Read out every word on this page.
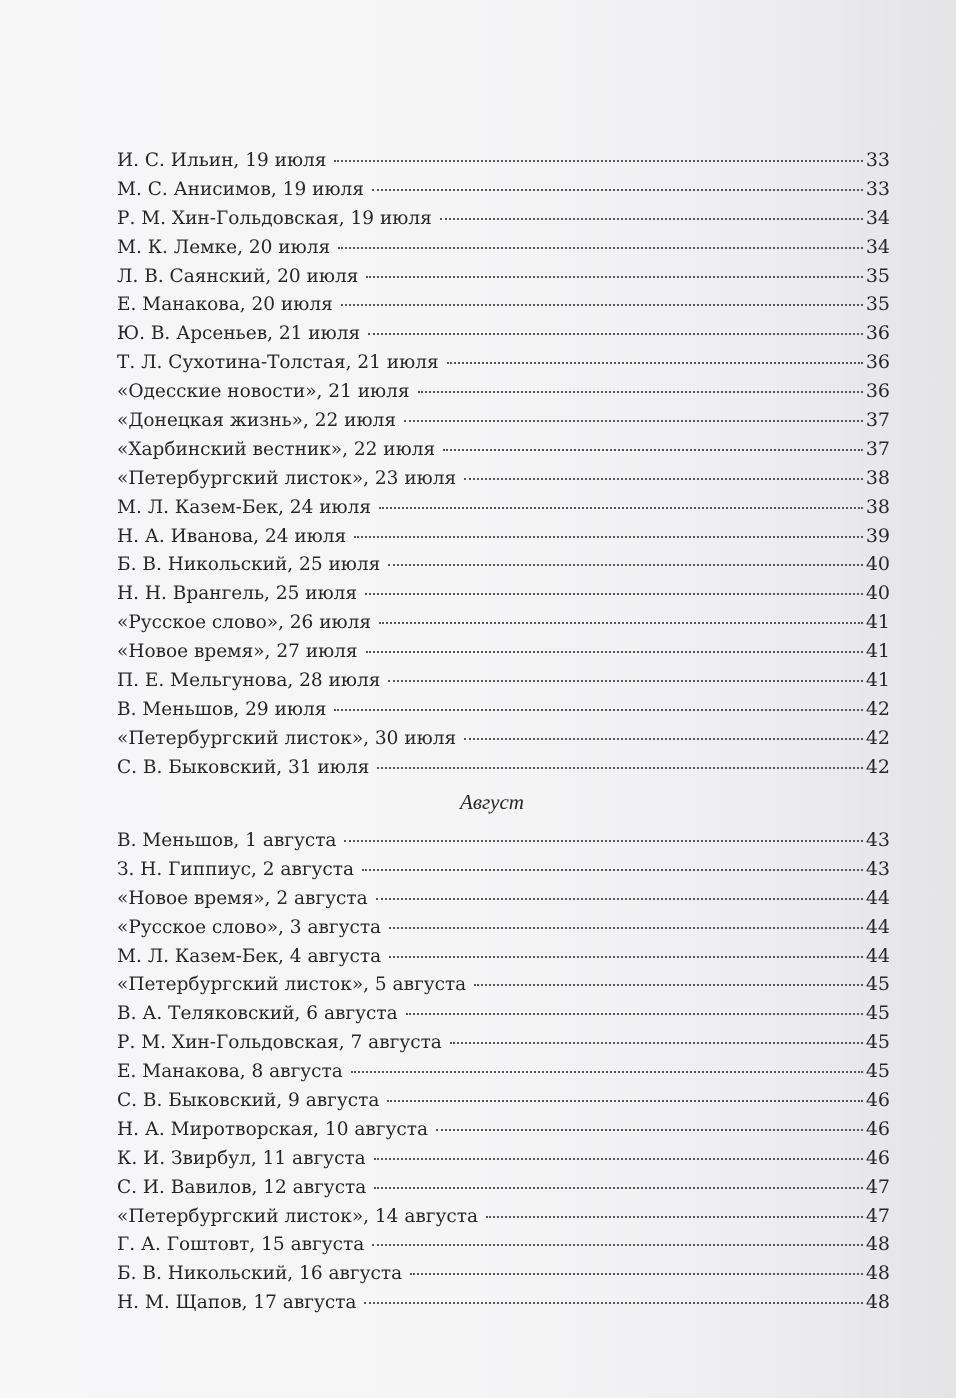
И. С. Ильин, 19 июля	33
М. С. Анисимов, 19 июля	33
Р. М. Хин-Гольдовская, 19 июля	34
М. К. Лемке, 20 июля	34
Л. В. Саянский, 20 июля	35
Е. Манакова, 20 июля	35
Ю. В. Арсеньев, 21 июля	36
Т. Л. Сухотина-Толстая, 21 июля	36
«Одесские новости», 21 июля	36
«Донецкая жизнь», 22 июля	37
«Харбинский вестник», 22 июля	37
«Петербургский листок», 23 июля	38
М. Л. Казем-Бек, 24 июля	38
Н. А. Иванова, 24 июля	39
Б. В. Никольский, 25 июля	40
Н. Н. Врангель, 25 июля	40
«Русское слово», 26 июля	41
«Новое время», 27 июля	41
П. Е. Мельгунова, 28 июля	41
В. Меньшов, 29 июля	42
«Петербургский листок», 30 июля	42
С. В. Быковский, 31 июля	42
Август
В. Меньшов, 1 августа	43
З. Н. Гиппиус, 2 августа	43
«Новое время», 2 августа	44
«Русское слово», 3 августа	44
М. Л. Казем-Бек, 4 августа	44
«Петербургский листок», 5 августа	45
В. А. Теляковский, 6 августа	45
Р. М. Хин-Гольдовская, 7 августа	45
Е. Манакова, 8 августа	45
С. В. Быковский, 9 августа	46
Н. А. Миротворская, 10 августа	46
К. И. Звирбул, 11 августа	46
С. И. Вавилов, 12 августа	47
«Петербургский листок», 14 августа	47
Г. А. Гоштовт, 15 августа	48
Б. В. Никольский, 16 августа	48
Н. М. Щапов, 17 августа	48
